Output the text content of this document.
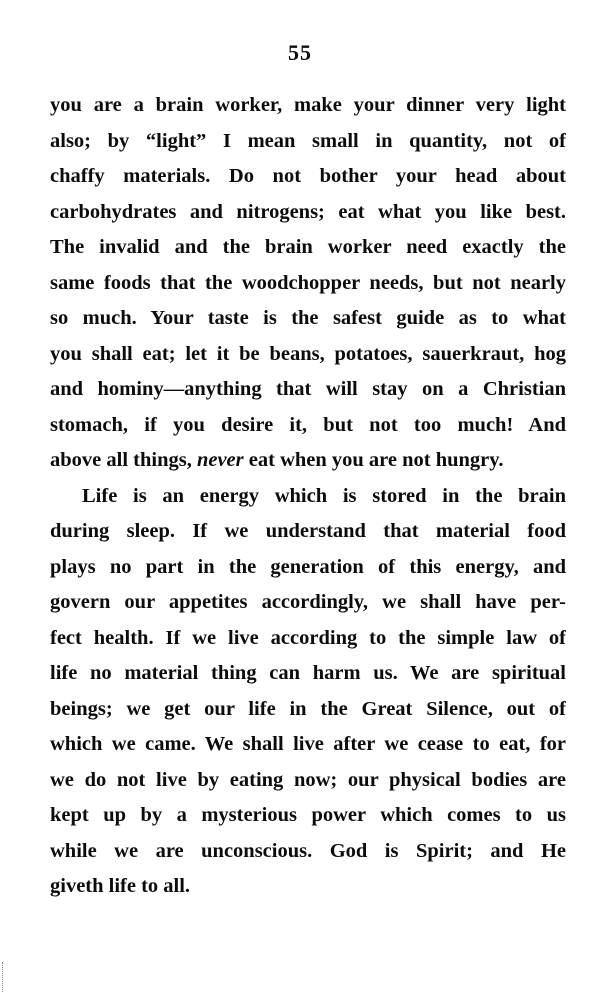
55
you are a brain worker, make your dinner very light
also; by “light” I mean small in quantity, not of
chaffy materials. Do not bother your head about
carbohydrates and nitrogens; eat what you like best.
The invalid and the brain worker need exactly the
same foods that the woodchopper needs, but not nearly
so much. Your taste is the safest guide as to what
you shall eat; let it be beans, potatoes, sauerkraut, hog
and hominy—anything that will stay on a Christian
stomach, if you desire it, but not too much! And
above all things, never eat when you are not hungry.
Life is an energy which is stored in the brain
during sleep. If we understand that material food
plays no part in the generation of this energy, and
govern our appetites accordingly, we shall have per-
fect health. If we live according to the simple law of
life no material thing can harm us. We are spiritual
beings; we get our life in the Great Silence, out of
which we came. We shall live after we cease to eat, for
we do not live by eating now; our physical bodies are
kept up by a mysterious power which comes to us
while we are unconscious. God is Spirit; and He
giveth life to all.
